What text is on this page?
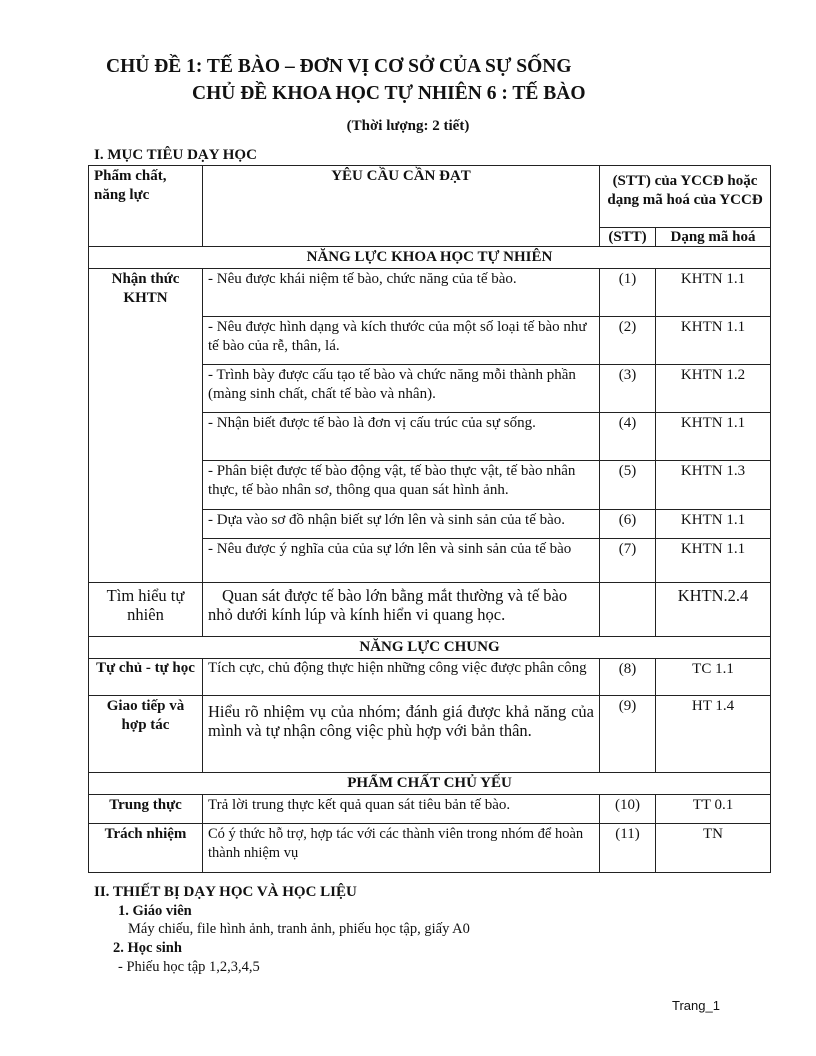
CHỦ ĐỀ 1: TẾ BÀO – ĐƠN VỊ CƠ SỞ CỦA SỰ SỐNG
CHỦ ĐỀ KHOA HỌC TỰ NHIÊN 6 : TẾ BÀO
(Thời lượng: 2 tiết)
I. MỤC TIÊU DẠY HỌC
Phẩm chất, năng lực	YÊU CẦU CẦN ĐẠT	(STT) của YCCĐ hoặc dạng mã hoá của YCCĐ	
		(STT)	Dạng mã hoá
NĂNG LỰC KHOA HỌC TỰ NHIÊN			
Nhận thức KHTN	- Nêu được khái niệm tế bào, chức năng của tế bào.	(1)	KHTN 1.1
	- Nêu được hình dạng và kích thước của một số loại tế bào như tế bào của rễ, thân, lá.	(2)	KHTN 1.1
	- Trình bày được cấu tạo tế bào và chức năng mỗi thành phần (màng sinh chất, chất tế bào và nhân).	(3)	KHTN 1.2
	- Nhận biết được tế bào là đơn vị cấu trúc của sự sống.	(4)	KHTN 1.1
	- Phân biệt được tế bào động vật, tế bào thực vật, tế bào nhân thực, tế bào nhân sơ, thông qua quan sát hình ảnh.	(5)	KHTN 1.3
	- Dựa vào sơ đồ nhận biết sự lớn lên và sinh sản của tế bào.	(6)	KHTN 1.1
	- Nêu được ý nghĩa của của sự lớn lên và sinh sản của tế bào	(7)	KHTN 1.1
Tìm hiểu tự nhiên	Quan sát được tế bào lớn bằng mắt thường và tế bào nhỏ dưới kính lúp và kính hiển vi quang học.		KHTN.2.4
NĂNG LỰC CHUNG			
Tự chủ - tự học	Tích cực, chủ động thực hiện những công việc được phân công	(8)	TC 1.1
Giao tiếp và hợp tác	Hiểu rõ nhiệm vụ của nhóm; đánh giá được khả năng của mình và tự nhận công việc phù hợp với bản thân.	(9)	HT 1.4
PHẨM CHẤT CHỦ YẾU			
Trung thực	Trả lời trung thực kết quả quan sát tiêu bản tế bào.	(10)	TT 0.1
Trách nhiệm	Có ý thức hỗ trợ, hợp tác với các thành viên trong nhóm để hoàn thành nhiệm vụ	(11)	TN
II. THIẾT BỊ DẠY HỌC VÀ HỌC LIỆU
1. Giáo viên
Máy chiếu, file hình ảnh, tranh ảnh, phiếu học tập, giấy A0
2. Học sinh
- Phiếu học tập 1,2,3,4,5
Trang_1
